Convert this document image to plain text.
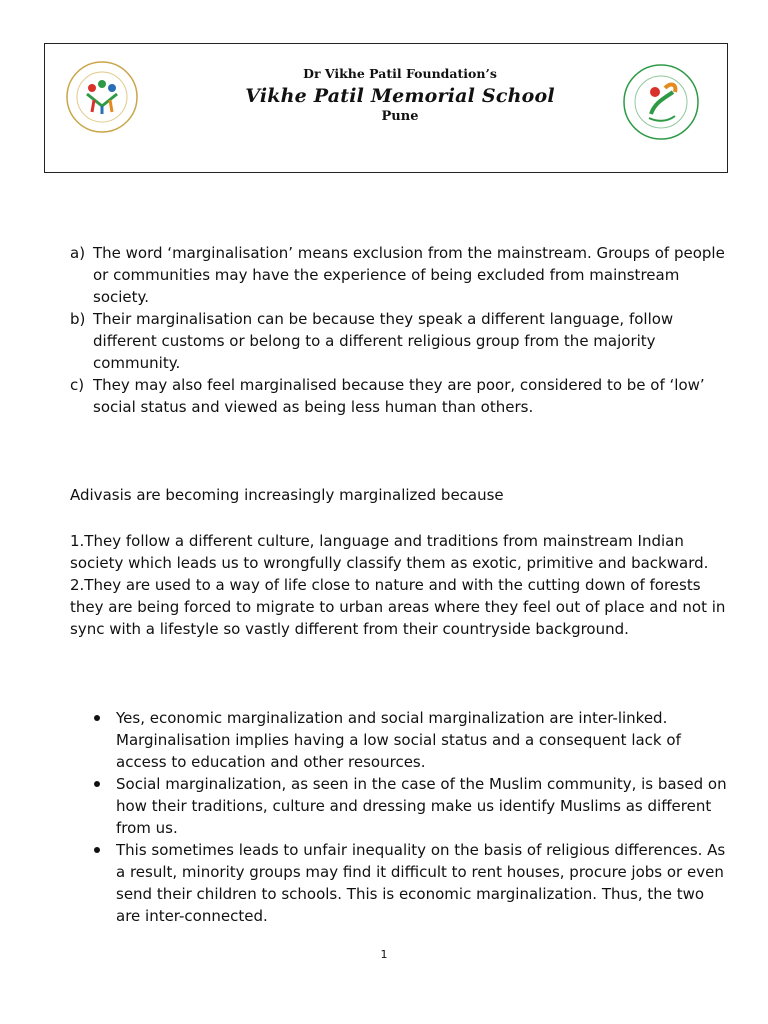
Dr Vikhe Patil Foundation’s
Vikhe Patil Memorial School
Pune
a) The word ‘marginalisation’ means exclusion from the mainstream. Groups of people or communities may have the experience of being excluded from mainstream society.
b) Their marginalisation can be because they speak a different language, follow different customs or belong to a different religious group from the majority community.
c) They may also feel marginalised because they are poor, considered to be of ‘low’ social status and viewed as being less human than others.
Adivasis are becoming increasingly marginalized because

1.They follow a different culture, language and traditions from mainstream Indian society which leads us to wrongfully classify them as exotic, primitive and backward.

2.They are used to a way of life close to nature and with the cutting down of forests they are being forced to migrate to urban areas where they feel out of place and not in sync with a lifestyle so vastly different from their countryside background.

Yes, economic marginalization and social marginalization are inter-linked. Marginalisation implies having a low social status and a consequent lack of access to education and other resources.
Social marginalization, as seen in the case of the Muslim community, is based on how their traditions, culture and dressing make us identify Muslims as different from us.
This sometimes leads to unfair inequality on the basis of religious differences. As a result, minority groups may find it difficult to rent houses, procure jobs or even send their children to schools. This is economic marginalization. Thus, the two are inter-connected.
1
